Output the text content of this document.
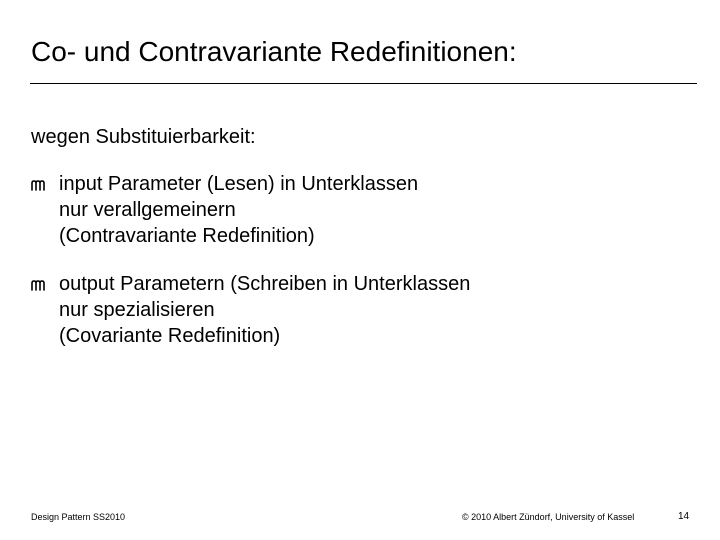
Co- und Contravariante Redefinitionen:
wegen Substituierbarkeit:
input Parameter (Lesen) in Unterklassen
nur verallgemeinern
(Contravariante Redefinition)
output Parametern (Schreiben in Unterklassen
nur spezialisieren
(Covariante Redefinition)
Design Pattern SS2010	© 2010 Albert Zündorf, University of Kassel	14
